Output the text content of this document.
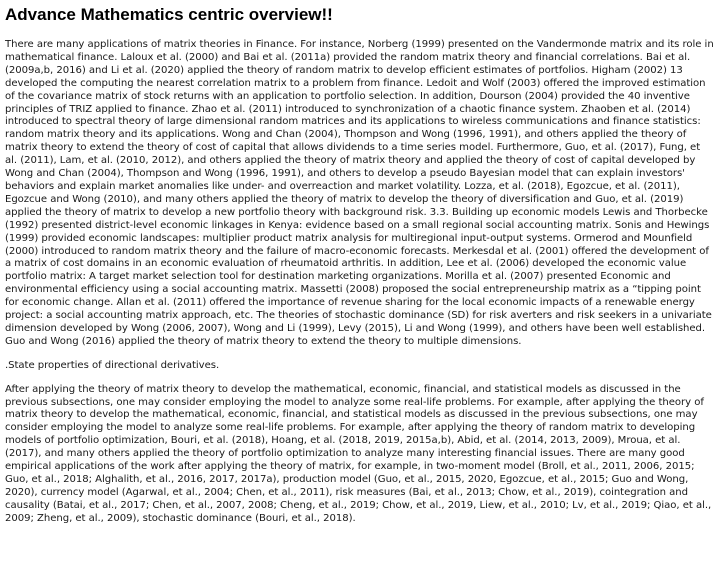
Advance Mathematics centric overview!!

There are many applications of matrix theories in Finance. For instance, Norberg (1999) presented on the Vandermonde matrix and its role in mathematical finance. Laloux et al. (2000) and Bai et al. (2011a) provided the random matrix theory and financial correlations. Bai et al. (2009a,b, 2016) and Li et al. (2020) applied the theory of random matrix to develop efficient estimates of portfolios. Higham (2002) 13 developed the computing the nearest correlation matrix to a problem from finance. Ledoit and Wolf (2003) offered the improved estimation of the covariance matrix of stock returns with an application to portfolio selection. In addition, Dourson (2004) provided the 40 inventive principles of TRIZ applied to finance. Zhao et al. (2011) introduced to synchronization of a chaotic finance system. Zhaoben et al. (2014) introduced to spectral theory of large dimensional random matrices and its applications to wireless communications and finance statistics: random matrix theory and its applications. Wong and Chan (2004), Thompson and Wong (1996, 1991), and others applied the theory of matrix theory to extend the theory of cost of capital that allows dividends to a time series model. Furthermore, Guo, et al. (2017), Fung, et al. (2011), Lam, et al. (2010, 2012), and others applied the theory of matrix theory and applied the theory of cost of capital developed by Wong and Chan (2004), Thompson and Wong (1996, 1991), and others to develop a pseudo Bayesian model that can explain investors' behaviors and explain market anomalies like under- and overreaction and market volatility. Lozza, et al. (2018), Egozcue, et al. (2011), Egozcue and Wong (2010), and many others applied the theory of matrix to develop the theory of diversification and Guo, et al. (2019) applied the theory of matrix to develop a new portfolio theory with background risk. 3.3. Building up economic models Lewis and Thorbecke (1992) presented district-level economic linkages in Kenya: evidence based on a small regional social accounting matrix. Sonis and Hewings (1999) provided economic landscapes: multiplier product matrix analysis for multiregional input-output systems. Ormerod and Mounfield (2000) introduced to random matrix theory and the failure of macro-economic forecasts. Merkesdal et al. (2001) offered the development of a matrix of cost domains in an economic evaluation of rheumatoid arthritis. In addition, Lee et al. (2006) developed the economic value portfolio matrix: A target market selection tool for destination marketing organizations. Morilla et al. (2007) presented Economic and environmental efficiency using a social accounting matrix. Massetti (2008) proposed the social entrepreneurship matrix as a “tipping point for economic change. Allan et al. (2011) offered the importance of revenue sharing for the local economic impacts of a renewable energy project: a social accounting matrix approach, etc. The theories of stochastic dominance (SD) for risk averters and risk seekers in a univariate dimension developed by Wong (2006, 2007), Wong and Li (1999), Levy (2015), Li and Wong (1999), and others have been well established. Guo and Wong (2016) applied the theory of matrix theory to extend the theory to multiple dimensions.

.State properties of directional derivatives.

After applying the theory of matrix theory to develop the mathematical, economic, financial, and statistical models as discussed in the previous subsections, one may consider employing the model to analyze some real-life problems. For example, after applying the theory of matrix theory to develop the mathematical, economic, financial, and statistical models as discussed in the previous subsections, one may consider employing the model to analyze some real-life problems. For example, after applying the theory of random matrix to developing models of portfolio optimization, Bouri, et al. (2018), Hoang, et al. (2018, 2019, 2015a,b), Abid, et al. (2014, 2013, 2009), Mroua, et al. (2017), and many others applied the theory of portfolio optimization to analyze many interesting financial issues. There are many good empirical applications of the work after applying the theory of matrix, for example, in two-moment model (Broll, et al., 2011, 2006, 2015; Guo, et al., 2018; Alghalith, et al., 2016, 2017, 2017a), production model (Guo, et al., 2015, 2020, Egozcue, et al., 2015; Guo and Wong, 2020), currency model (Agarwal, et al., 2004; Chen, et al., 2011), risk measures (Bai, et al., 2013; Chow, et al., 2019), cointegration and causality (Batai, et al., 2017; Chen, et al., 2007, 2008; Cheng, et al., 2019; Chow, et al., 2019, Liew, et al., 2010; Lv, et al., 2019; Qiao, et al., 2009; Zheng, et al., 2009), stochastic dominance (Bouri, et al., 2018).
